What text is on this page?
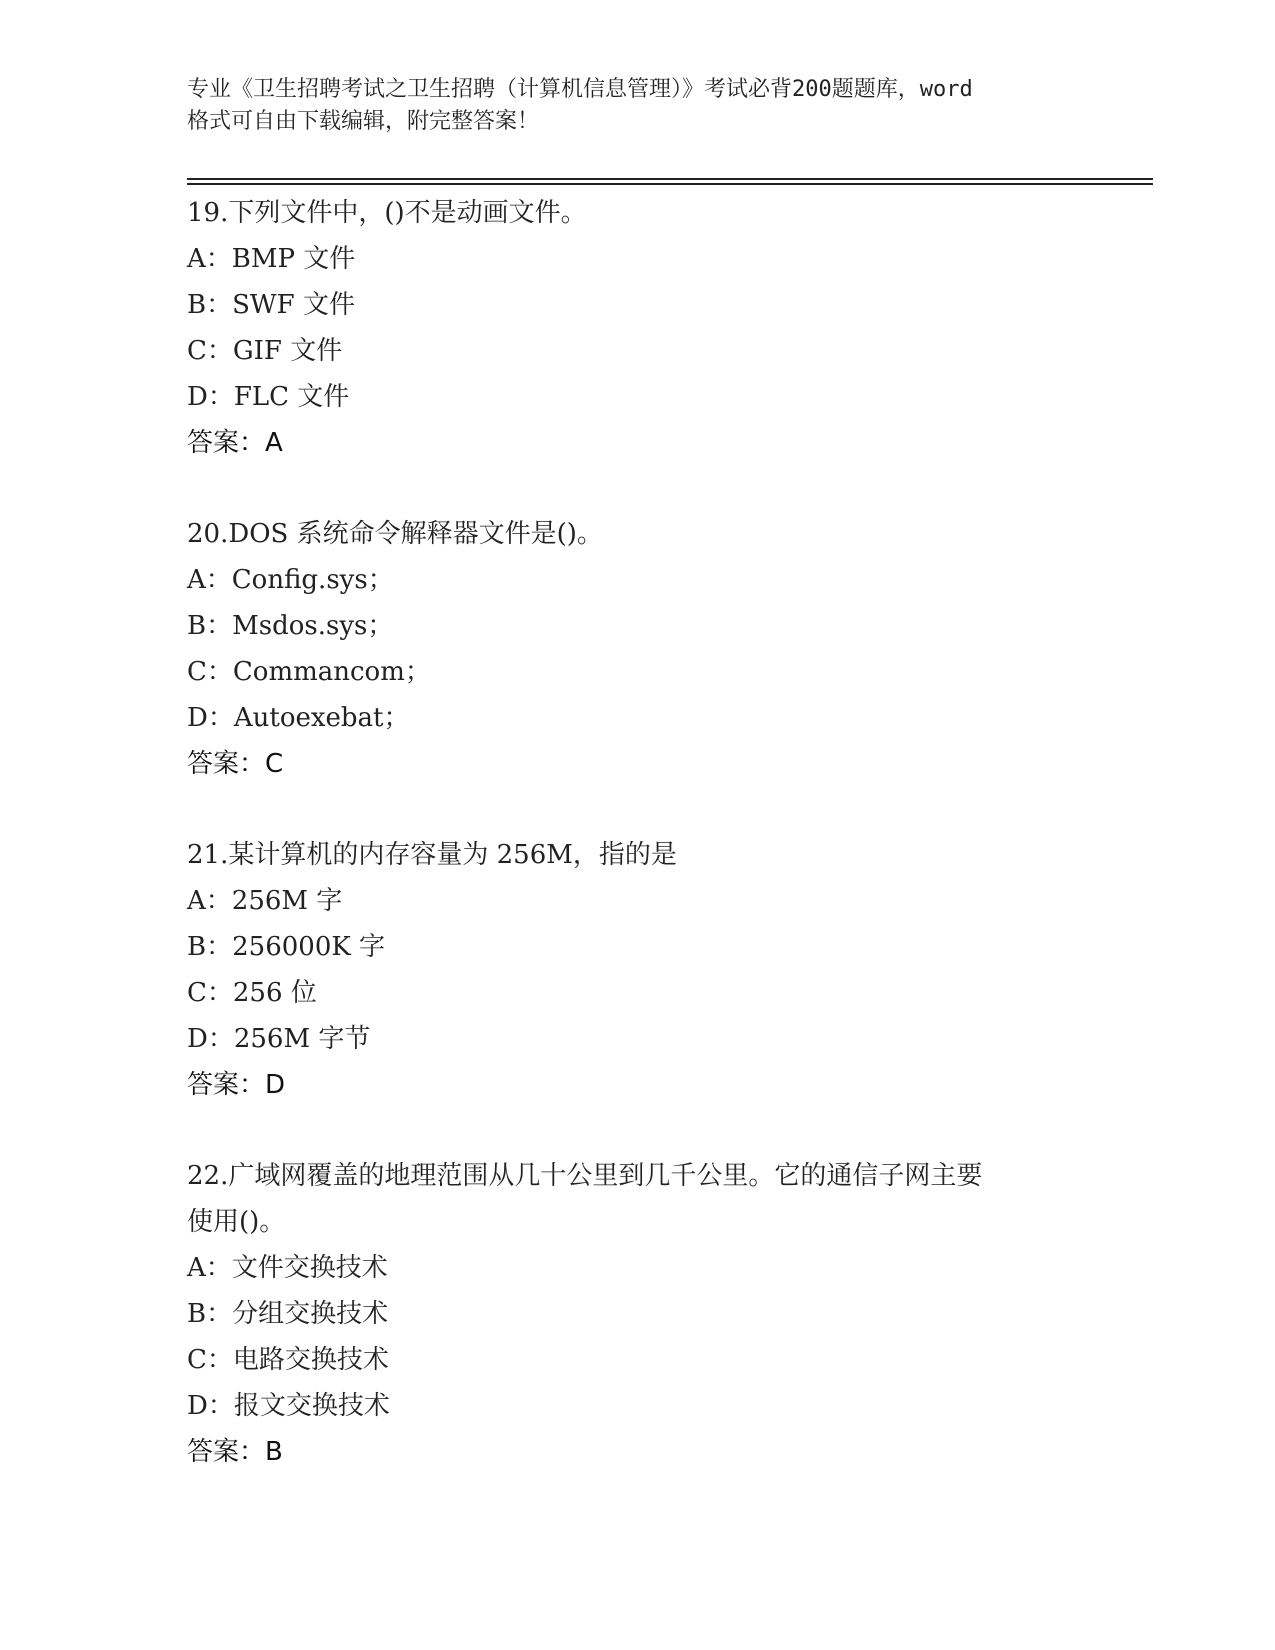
专业《卫生招聘考试之卫生招聘（计算机信息管理）》考试必背200题题库，word
格式可自由下载编辑，附完整答案！
19.下列文件中，()不是动画文件。
A：BMP 文件
B：SWF 文件
C：GIF 文件
D：FLC 文件
答案：A
20.DOS 系统命令解释器文件是()。
A：Config.sys；
B：Msdos.sys；
C：Commancom；
D：Autoexebat；
答案：C
21.某计算机的内存容量为 256M，指的是
A：256M 字
B：256000K 字
C：256 位
D：256M 字节
答案：D
22.广域网覆盖的地理范围从几十公里到几千公里。它的通信子网主要
使用()。
A：文件交换技术
B：分组交换技术
C：电路交换技术
D：报文交换技术
答案：B
